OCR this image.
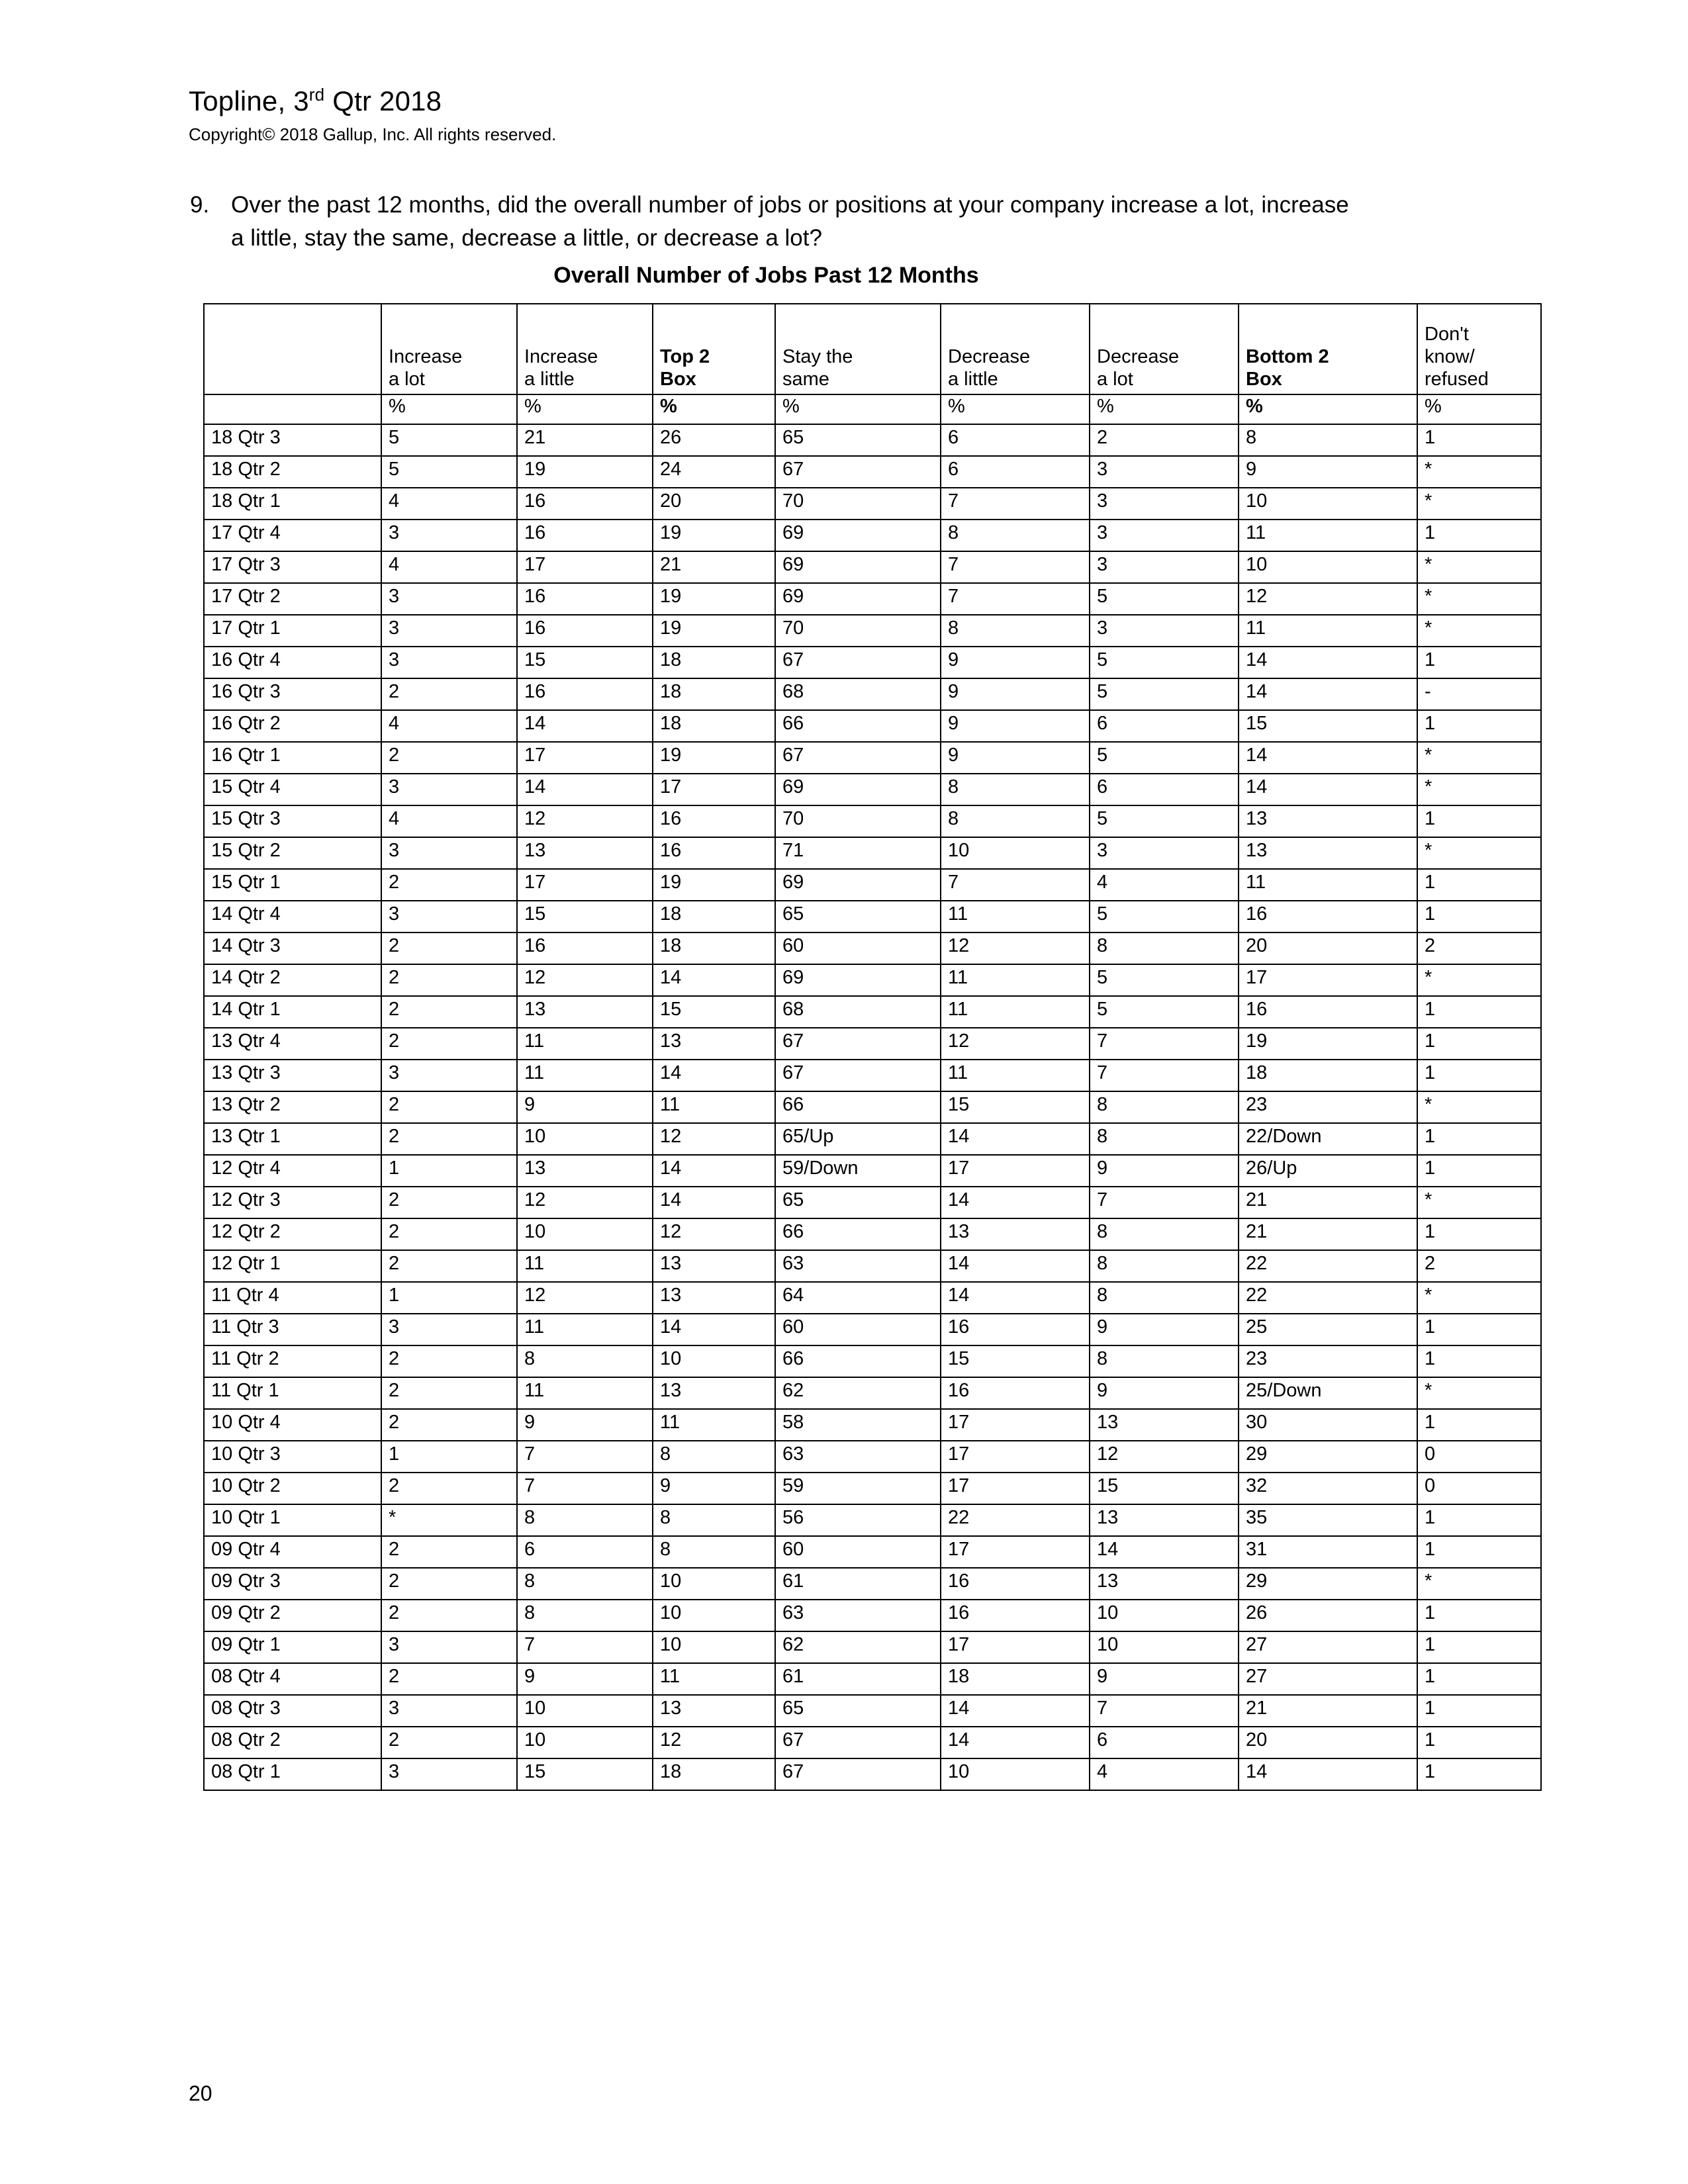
Topline, 3rd Qtr 2018
Copyright© 2018 Gallup, Inc. All rights reserved.
9. Over the past 12 months, did the overall number of jobs or positions at your company increase a lot, increase a little, stay the same, decrease a little, or decrease a lot?
Overall Number of Jobs Past 12 Months

	Increase
a lot	Increase
a little	Top 2
Box	Stay the
same	Decrease
a little	Decrease
a lot	Bottom 2
Box	Don't
know/
refused

	%	%	%	%	%	%	%	%
18 Qtr 3	5	21	26	65	6	2	8	1
18 Qtr 2	5	19	24	67	6	3	9	*
18 Qtr 1	4	16	20	70	7	3	10	*
17 Qtr 4	3	16	19	69	8	3	11	1
17 Qtr 3	4	17	21	69	7	3	10	*
17 Qtr 2	3	16	19	69	7	5	12	*
17 Qtr 1	3	16	19	70	8	3	11	*
16 Qtr 4	3	15	18	67	9	5	14	1
16 Qtr 3	2	16	18	68	9	5	14	-
16 Qtr 2	4	14	18	66	9	6	15	1
16 Qtr 1	2	17	19	67	9	5	14	*
15 Qtr 4	3	14	17	69	8	6	14	*
15 Qtr 3	4	12	16	70	8	5	13	1
15 Qtr 2	3	13	16	71	10	3	13	*
15 Qtr 1	2	17	19	69	7	4	11	1
14 Qtr 4	3	15	18	65	11	5	16	1
14 Qtr 3	2	16	18	60	12	8	20	2
14 Qtr 2	2	12	14	69	11	5	17	*
14 Qtr 1	2	13	15	68	11	5	16	1
13 Qtr 4	2	11	13	67	12	7	19	1
13 Qtr 3	3	11	14	67	11	7	18	1
13 Qtr 2	2	9	11	66	15	8	23	*
13 Qtr 1	2	10	12	65/Up	14	8	22/Down	1
12 Qtr 4	1	13	14	59/Down	17	9	26/Up	1
12 Qtr 3	2	12	14	65	14	7	21	*
12 Qtr 2	2	10	12	66	13	8	21	1
12 Qtr 1	2	11	13	63	14	8	22	2
11 Qtr 4	1	12	13	64	14	8	22	*
11 Qtr 3	3	11	14	60	16	9	25	1
11 Qtr 2	2	8	10	66	15	8	23	1
11 Qtr 1	2	11	13	62	16	9	25/Down	*
10 Qtr 4	2	9	11	58	17	13	30	1
10 Qtr 3	1	7	8	63	17	12	29	0
10 Qtr 2	2	7	9	59	17	15	32	0
10 Qtr 1	*	8	8	56	22	13	35	1
09 Qtr 4	2	6	8	60	17	14	31	1
09 Qtr 3	2	8	10	61	16	13	29	*
09 Qtr 2	2	8	10	63	16	10	26	1
09 Qtr 1	3	7	10	62	17	10	27	1
08 Qtr 4	2	9	11	61	18	9	27	1
08 Qtr 3	3	10	13	65	14	7	21	1
08 Qtr 2	2	10	12	67	14	6	20	1
08 Qtr 1	3	15	18	67	10	4	14	1
20
